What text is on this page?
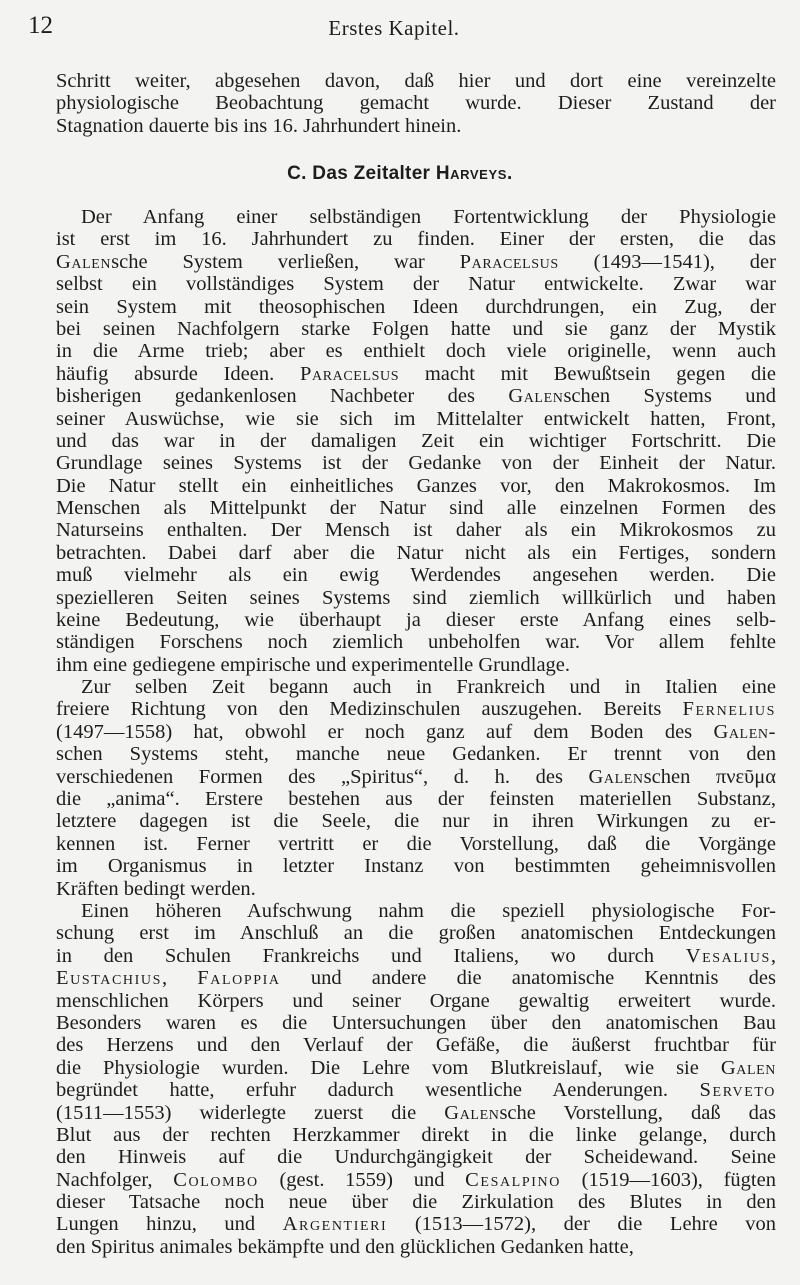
12	Erstes Kapitel.
Schritt weiter, abgesehen davon, daß hier und dort eine vereinzelte
physiologische Beobachtung gemacht wurde. Dieser Zustand der
Stagnation dauerte bis ins 16. Jahrhundert hinein.
C. Das Zeitalter Harveys.
Der Anfang einer selbständigen Fortentwicklung der Physiologie
ist erst im 16. Jahrhundert zu finden. Einer der ersten, die das
Galensche System verließen, war Paracelsus (1493—1541), der
selbst ein vollständiges System der Natur entwickelte. Zwar war
sein System mit theosophischen Ideen durchdrungen, ein Zug, der
bei seinen Nachfolgern starke Folgen hatte und sie ganz der Mystik
in die Arme trieb; aber es enthielt doch viele originelle, wenn auch
häufig absurde Ideen. Paracelsus macht mit Bewußtsein gegen die
bisherigen gedankenlosen Nachbeter des Galenschen Systems und
seiner Auswüchse, wie sie sich im Mittelalter entwickelt hatten, Front,
und das war in der damaligen Zeit ein wichtiger Fortschritt. Die
Grundlage seines Systems ist der Gedanke von der Einheit der Natur.
Die Natur stellt ein einheitliches Ganzes vor, den Makrokosmos. Im
Menschen als Mittelpunkt der Natur sind alle einzelnen Formen des
Naturseins enthalten. Der Mensch ist daher als ein Mikrokosmos zu
betrachten. Dabei darf aber die Natur nicht als ein Fertiges, sondern
muß vielmehr als ein ewig Werdendes angesehen werden. Die
spezielleren Seiten seines Systems sind ziemlich willkürlich und haben
keine Bedeutung, wie überhaupt ja dieser erste Anfang eines selb-
ständigen Forschens noch ziemlich unbeholfen war. Vor allem fehlte
ihm eine gediegene empirische und experimentelle Grundlage.
Zur selben Zeit begann auch in Frankreich und in Italien eine
freiere Richtung von den Medizinschulen auszugehen. Bereits Fernelius
(1497—1558) hat, obwohl er noch ganz auf dem Boden des Galen-
schen Systems steht, manche neue Gedanken. Er trennt von den
verschiedenen Formen des „Spiritus“, d. h. des Galenschen πνεῦμα
die „anima“. Erstere bestehen aus der feinsten materiellen Substanz,
letztere dagegen ist die Seele, die nur in ihren Wirkungen zu er-
kennen ist. Ferner vertritt er die Vorstellung, daß die Vorgänge
im Organismus in letzter Instanz von bestimmten geheimnisvollen
Kräften bedingt werden.
Einen höheren Aufschwung nahm die speziell physiologische For-
schung erst im Anschluß an die großen anatomischen Entdeckungen
in den Schulen Frankreichs und Italiens, wo durch Vesalius,
Eustachius, Faloppia und andere die anatomische Kenntnis des
menschlichen Körpers und seiner Organe gewaltig erweitert wurde.
Besonders waren es die Untersuchungen über den anatomischen Bau
des Herzens und den Verlauf der Gefäße, die äußerst fruchtbar für
die Physiologie wurden. Die Lehre vom Blutkreislauf, wie sie Galen
begründet hatte, erfuhr dadurch wesentliche Aenderungen. Serveto
(1511—1553) widerlegte zuerst die Galensche Vorstellung, daß das
Blut aus der rechten Herzkammer direkt in die linke gelange, durch
den Hinweis auf die Undurchgängigkeit der Scheidewand. Seine
Nachfolger, Colombo (gest. 1559) und Cesalpino (1519—1603), fügten
dieser Tatsache noch neue über die Zirkulation des Blutes in den
Lungen hinzu, und Argentieri (1513—1572), der die Lehre von
den Spiritus animales bekämpfte und den glücklichen Gedanken hatte,
